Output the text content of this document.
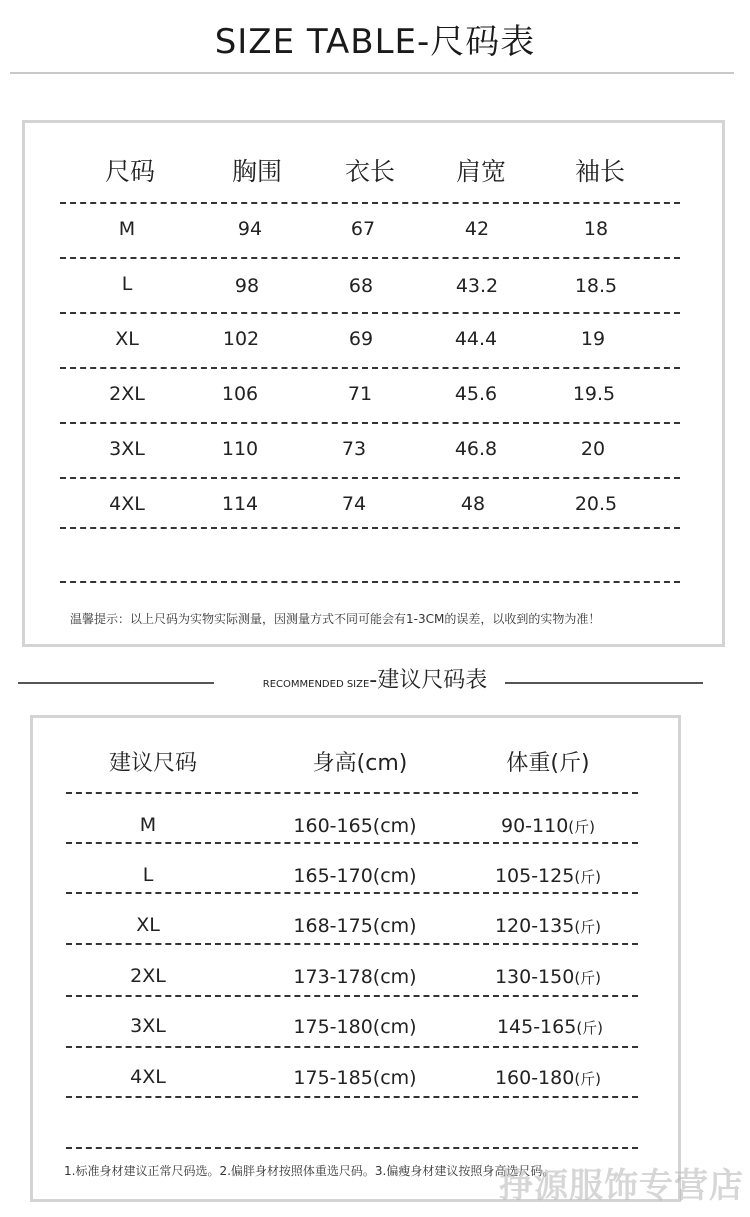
SIZE TABLE-尺码表
尺码	胸围	衣长	肩宽	袖长
M	94	67	42	18
L	98	68	43.2	18.5
XL	102	69	44.4	19
2XL	106	71	45.6	19.5
3XL	110	73	46.8	20
4XL	114	74	48	20.5
温馨提示：以上尺码为实物实际测量，因测量方式不同可能会有1-3CM的误差，以收到的实物为准！
RECOMMENDED SIZE-建议尺码表
建议尺码	身高(cm)	体重(斤)
M	160-165(cm)	90-110(斤)
L	165-170(cm)	105-125(斤)
XL	168-175(cm)	120-135(斤)
2XL	173-178(cm)	130-150(斤)
3XL	175-180(cm)	145-165(斤)
4XL	175-185(cm)	160-180(斤)
1.标准身材建议正常尺码选。2.偏胖身材按照体重选尺码。3.偏瘦身材建议按照身高选尺码。
挣源服饰专营店
